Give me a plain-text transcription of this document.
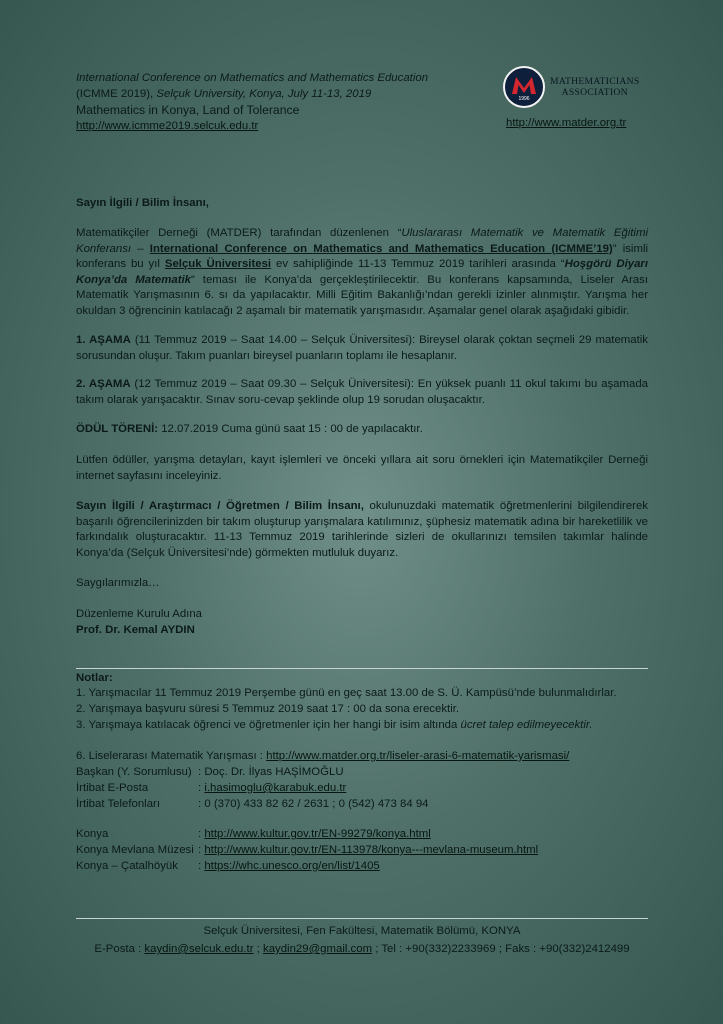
International Conference on Mathematics and Mathematics Education
(ICMME 2019), Selçuk University, Konya, July 11-13, 2019
Mathematics in Konya, Land of Tolerance
http://www.icmme2019.selcuk.edu.tr
1996
MATHEMATICIANS
ASSOCIATION
http://www.matder.org.tr
Sayın İlgili / Bilim İnsanı,
Matematikçiler Derneği (MATDER) tarafından düzenlenen “Uluslararası Matematik ve Matematik Eğitimi Konferansı – International Conference on Mathematics and Mathematics Education (ICMME’19)” isimli konferans bu yıl Selçuk Üniversitesi ev sahipliğinde 11-13 Temmuz 2019 tarihleri arasında “Hoşgörü Diyarı Konya’da Matematik” teması ile Konya’da gerçekleştirilecektir. Bu konferans kapsamında, Liseler Arası Matematik Yarışmasının 6. sı da yapılacaktır. Milli Eğitim Bakanlığı’ndan gerekli izinler alınmıştır. Yarışma her okuldan 3 öğrencinin katılacağı 2 aşamalı bir matematik yarışmasıdır. Aşamalar genel olarak aşağıdaki gibidir.
1. AŞAMA (11 Temmuz 2019 – Saat 14.00 – Selçuk Üniversitesi): Bireysel olarak çoktan seçmeli 29 matematik sorusundan oluşur. Takım puanları bireysel puanların toplamı ile hesaplanır.
2. AŞAMA (12 Temmuz 2019 – Saat 09.30 – Selçuk Üniversitesi): En yüksek puanlı 11 okul takımı bu aşamada takım olarak yarışacaktır. Sınav soru-cevap şeklinde olup 19 sorudan oluşacaktır.
ÖDÜL TÖRENİ: 12.07.2019 Cuma günü saat 15 : 00 de yapılacaktır.
Lütfen ödüller, yarışma detayları, kayıt işlemleri ve önceki yıllara ait soru örnekleri için Matematikçiler Derneği internet sayfasını inceleyiniz.
Sayın İlgili / Araştırmacı / Öğretmen / Bilim İnsanı, okulunuzdaki matematik öğretmenlerini bilgilendirerek başarılı öğrencilerinizden bir takım oluşturup yarışmalara katılımınız, şüphesiz matematik adına bir hareketlilik ve farkındalık oluşturacaktır. 11-13 Temmuz 2019 tarihlerinde sizleri de okullarınızı temsilen takımlar halinde Konya’da (Selçuk Üniversitesi’nde) görmekten mutluluk duyarız.
Saygılarımızla…
Düzenleme Kurulu Adına
Prof. Dr. Kemal AYDIN
Notlar:
1. Yarışmacılar 11 Temmuz 2019 Perşembe günü en geç saat 13.00 de S. Ü. Kampüsü’nde bulunmalıdırlar.
2. Yarışmaya başvuru süresi 5 Temmuz 2019 saat 17 : 00 da sona erecektir.
3. Yarışmaya katılacak öğrenci ve öğretmenler için her hangi bir isim altında ücret talep edilmeyecektir.
6. Liselerarası Matematik Yarışması : http://www.matder.org.tr/liseler-arasi-6-matematik-yarismasi/
Başkan (Y. Sorumlusu) : Doç. Dr. İlyas HAŞİMOĞLU
İrtibat E-Posta	: i.hasimoglu@karabuk.edu.tr
İrtibat Telefonları	: 0 (370) 433 82 62 / 2631 ; 0 (542) 473 84 94
Konya	: http://www.kultur.gov.tr/EN-99279/konya.html
Konya Mevlana Müzesi : http://www.kultur.gov.tr/EN-113978/konya---mevlana-museum.html
Konya – Çatalhöyük : https://whc.unesco.org/en/list/1405
Selçuk Üniversitesi, Fen Fakültesi, Matematik Bölümü, KONYA
E-Posta : kaydin@selcuk.edu.tr ; kaydin29@gmail.com ; Tel : +90(332)2233969 ; Faks : +90(332)2412499
